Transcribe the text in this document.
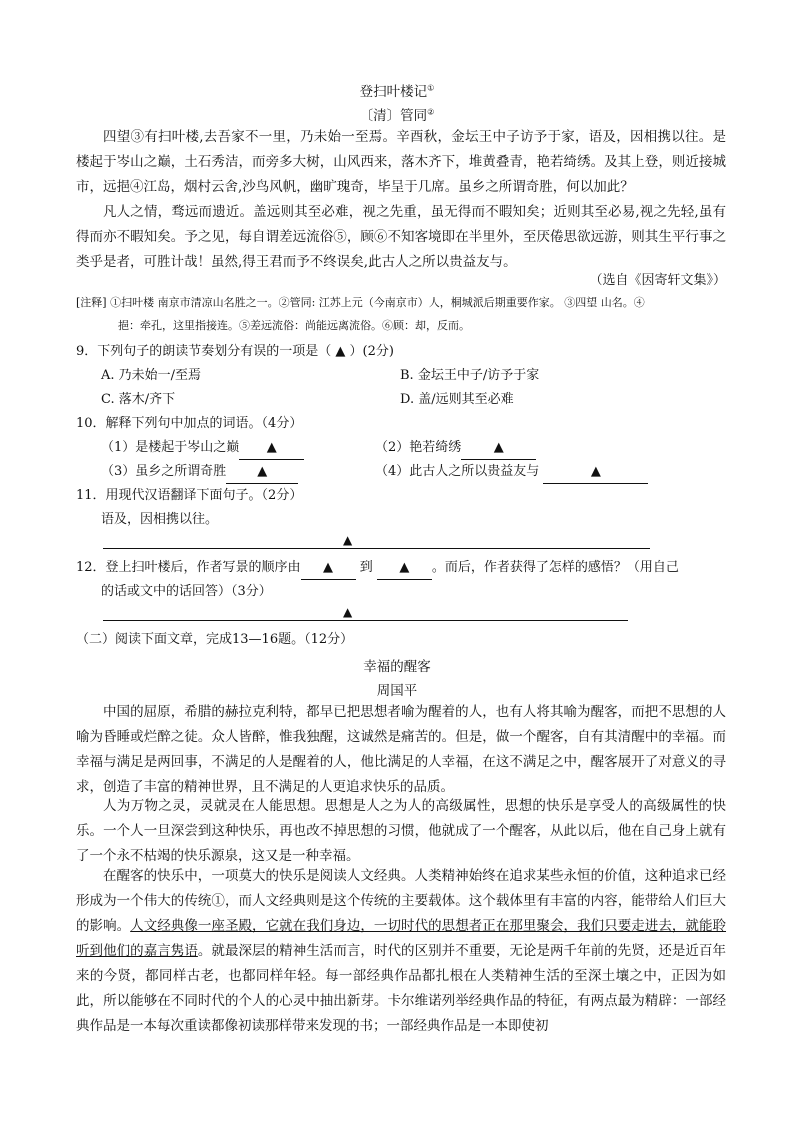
登扫叶楼记①
〔清〕管同②

四望③有扫叶楼,去吾家不一里，乃未始一至焉。辛酉秋，金坛王中子访予于家，语及，因相携以往。是楼起于岑山之巅，土石秀洁，而旁多大树，山风西来，落木齐下，堆黄叠青，艳若绮绣。及其上登，则近接城市，远挹④江岛，烟村云舍,沙鸟风帆，幽旷瑰奇，毕呈于几席。虽乡之所谓奇胜，何以加此？

凡人之情，骛远而遗近。盖远则其至必难，视之先重，虽无得而不暇知矣；近则其至必易,视之先轻,虽有得而亦不暇知矣。予之见，每自谓差远流俗⑤，顾⑥不知客境即在半里外，至厌倦思欲远游，则其生平行事之类乎是者，可胜计哉！虽然,得王君而予不终误矣,此古人之所以贵益友与。

（选自《因寄轩文集》）

[注释] ①扫叶楼 南京市清凉山名胜之一。②管同: 江苏上元（今南京市）人，桐城派后期重要作家。 ③四望 山名。④

挹：牵孔，这里指接连。⑤差远流俗：尚能远离流俗。⑥顾：却，反而。

9．下列句子的朗读节奏划分有误的一项是（ ▲ ）(2分)
A. 乃未始一/至焉	B. 金坛王中子/访予于家
C. 落木/齐下	D. 盖/远则其至必难
10．解释下列句中加点的词语。（4分）
（1）是楼起于岑山之巅 ▲	（2）艳若绮绣	▲
（3）虽乡之所谓奇胜 ▲	（4）此古人之所以贵益友与	▲
11．用现代汉语翻译下面句子。（2分）
语及，因相携以往。
▲
12．登上扫叶楼后，作者写景的顺序由 ▲ 到 ▲ 。而后，作者获得了怎样的感悟？（用自己
的话或文中的话回答）（3分）
▲
（二）阅读下面文章，完成13—16题。（12分）
幸福的醒客
周国平

中国的屈原，希腊的赫拉克利特，都早已把思想者喻为醒着的人，也有人将其喻为醒客，而把不思想的人喻为昏睡或烂醉之徒。众人皆醉，惟我独醒，这诚然是痛苦的。但是，做一个醒客，自有其清醒中的幸福。而幸福与满足是两回事，不满足的人是醒着的人，他比满足的人幸福，在这不满足之中，醒客展开了对意义的寻求，创造了丰富的精神世界，且不满足的人更追求快乐的品质。

人为万物之灵，灵就灵在人能思想。思想是人之为人的高级属性，思想的快乐是享受人的高级属性的快乐。一个人一旦深尝到这种快乐，再也改不掉思想的习惯，他就成了一个醒客，从此以后，他在自己身上就有了一个永不枯竭的快乐源泉，这又是一种幸福。

在醒客的快乐中，一项莫大的快乐是阅读人文经典。人类精神始终在追求某些永恒的价值，这种追求已经形成为一个伟大的传统①，而人文经典则是这个传统的主要载体。这个载体里有丰富的内容，能带给人们巨大的影响。人文经典像一座圣殿，它就在我们身边，一切时代的思想者正在那里聚会，我们只要走进去，就能聆听到他们的嘉言隽语。就最深层的精神生活而言，时代的区别并不重要，无论是两千年前的先贤，还是近百年来的今贤，都同样古老，也都同样年轻。每一部经典作品都扎根在人类精神生活的至深土壤之中，正因为如此，所以能够在不同时代的个人的心灵中抽出新芽。卡尔维诺列举经典作品的特征，有两点最为精辟：一部经典作品是一本每次重读都像初读那样带来发现的书；一部经典作品是一本即使初
